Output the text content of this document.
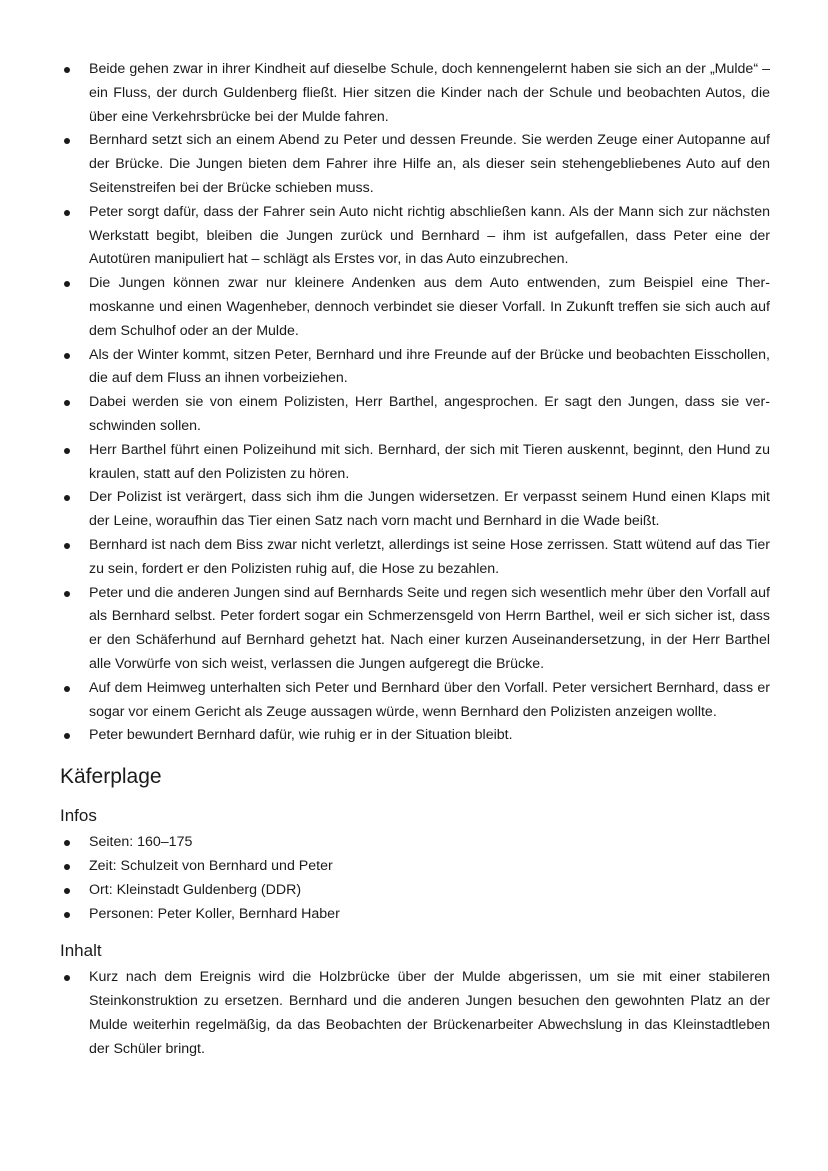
Beide gehen zwar in ihrer Kindheit auf dieselbe Schule, doch kennengelernt haben sie sich an der „Mulde“ – ein Fluss, der durch Guldenberg fließt. Hier sitzen die Kinder nach der Schule und beobachten Autos, die über eine Verkehrsbrücke bei der Mulde fahren.
Bernhard setzt sich an einem Abend zu Peter und dessen Freunde. Sie werden Zeuge einer Autopanne auf der Brücke. Die Jungen bieten dem Fahrer ihre Hilfe an, als dieser sein stehengebliebenes Auto auf den Seitenstreifen bei der Brücke schieben muss.
Peter sorgt dafür, dass der Fahrer sein Auto nicht richtig abschließen kann. Als der Mann sich zur nächsten Werkstatt begibt, bleiben die Jungen zurück und Bernhard – ihm ist aufgefallen, dass Peter eine der Autotüren manipuliert hat – schlägt als Erstes vor, in das Auto einzubrechen.
Die Jungen können zwar nur kleinere Andenken aus dem Auto entwenden, zum Beispiel eine Thermoskanne und einen Wagenheber, dennoch verbindet sie dieser Vorfall. In Zukunft treffen sie sich auch auf dem Schulhof oder an der Mulde.
Als der Winter kommt, sitzen Peter, Bernhard und ihre Freunde auf der Brücke und beobachten Eisschollen, die auf dem Fluss an ihnen vorbeiziehen.
Dabei werden sie von einem Polizisten, Herr Barthel, angesprochen. Er sagt den Jungen, dass sie verschwinden sollen.
Herr Barthel führt einen Polizeihund mit sich. Bernhard, der sich mit Tieren auskennt, beginnt, den Hund zu kraulen, statt auf den Polizisten zu hören.
Der Polizist ist verärgert, dass sich ihm die Jungen widersetzen. Er verpasst seinem Hund einen Klaps mit der Leine, woraufhin das Tier einen Satz nach vorn macht und Bernhard in die Wade beißt.
Bernhard ist nach dem Biss zwar nicht verletzt, allerdings ist seine Hose zerrissen. Statt wütend auf das Tier zu sein, fordert er den Polizisten ruhig auf, die Hose zu bezahlen.
Peter und die anderen Jungen sind auf Bernhards Seite und regen sich wesentlich mehr über den Vorfall auf als Bernhard selbst. Peter fordert sogar ein Schmerzensgeld von Herrn Barthel, weil er sich sicher ist, dass er den Schäferhund auf Bernhard gehetzt hat. Nach einer kurzen Auseinandersetzung, in der Herr Barthel alle Vorwürfe von sich weist, verlassen die Jungen aufgeregt die Brücke.
Auf dem Heimweg unterhalten sich Peter und Bernhard über den Vorfall. Peter versichert Bernhard, dass er sogar vor einem Gericht als Zeuge aussagen würde, wenn Bernhard den Polizisten anzeigen wollte.
Peter bewundert Bernhard dafür, wie ruhig er in der Situation bleibt.
Käferplage
Infos
Seiten: 160–175
Zeit: Schulzeit von Bernhard und Peter
Ort: Kleinstadt Guldenberg (DDR)
Personen: Peter Koller, Bernhard Haber
Inhalt
Kurz nach dem Ereignis wird die Holzbrücke über der Mulde abgerissen, um sie mit einer stabileren Steinkonstruktion zu ersetzen. Bernhard und die anderen Jungen besuchen den gewohnten Platz an der Mulde weiterhin regelmäßig, da das Beobachten der Brückenarbeiter Abwechslung in das Kleinstadtleben der Schüler bringt.
